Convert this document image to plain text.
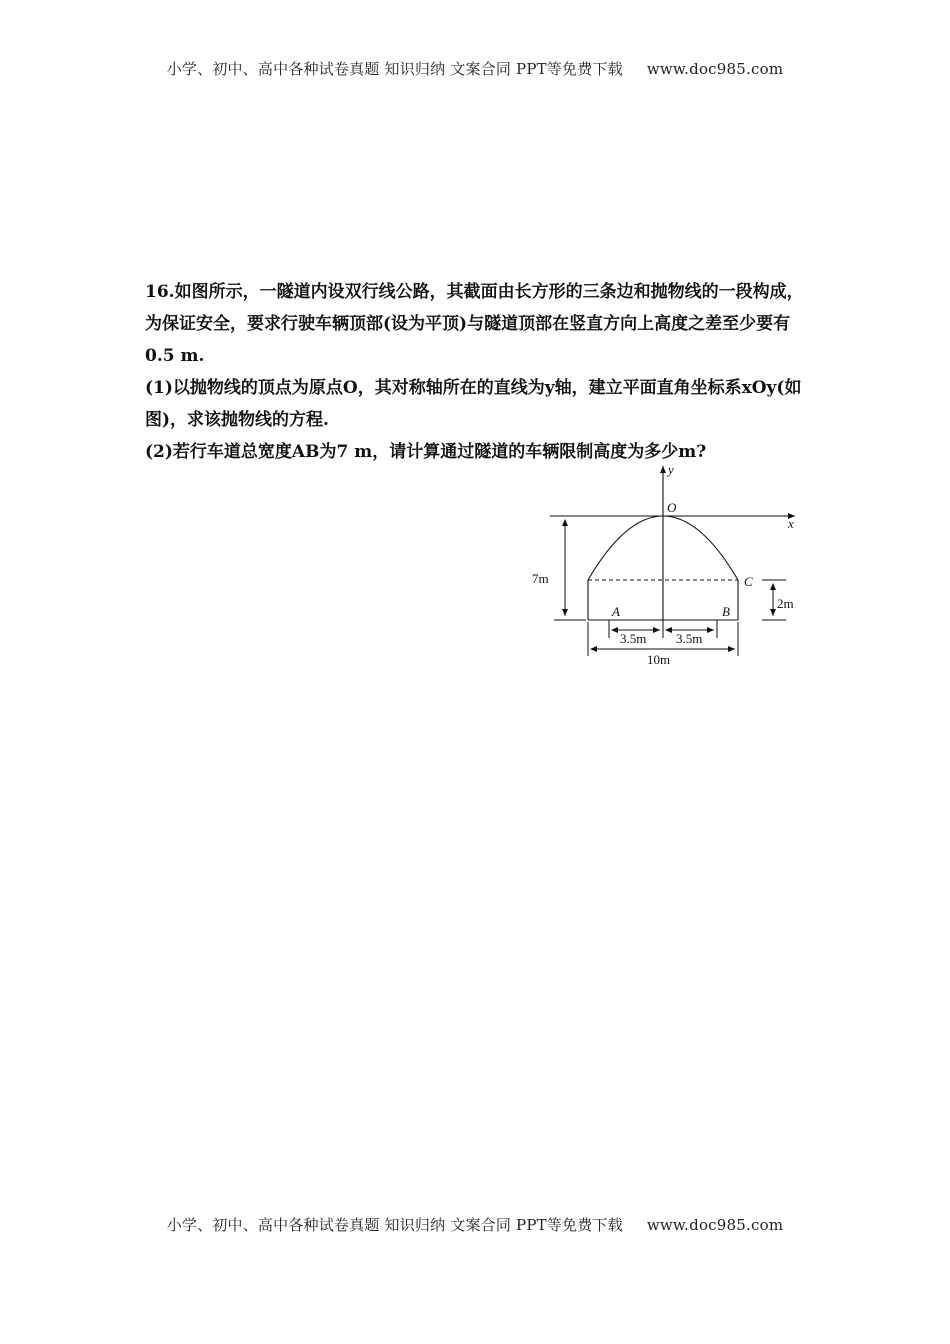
小学、初中、高中各种试卷真题 知识归纳 文案合同 PPT等免费下载 www.doc985.com

16.如图所示，一隧道内设双行线公路，其截面由长方形的三条边和抛物线的一段构成，为保证安全，要求行驶车辆顶部(设为平顶)与隧道顶部在竖直方向上高度之差至少要有0.5 m.

(1)以抛物线的顶点为原点O，其对称轴所在的直线为y轴，建立平面直角坐标系xOy(如图)，求该抛物线的方程.

(2)若行车道总宽度AB为7 m，请计算通过隧道的车辆限制高度为多少m?

7m
2m
3.5m 3.5m
10m
y
x
O
A	B
C
小学、初中、高中各种试卷真题 知识归纳 文案合同 PPT等免费下载 www.doc985.com
